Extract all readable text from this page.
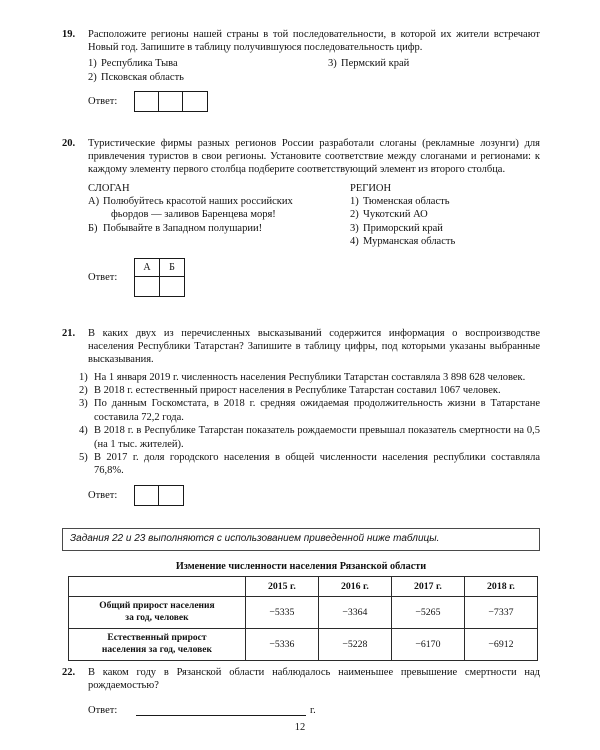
19.	Расположите регионы нашей страны в той последовательности, в которой их жители встречают Новый год. Запишите в таблицу получившуюся последовательность цифр.
1) Республика Тыва
2) Псковская область
3) Пермский край
Ответ:
20.	Туристические фирмы разных регионов России разработали слоганы (рекламные лозунги) для привлечения туристов в свои регионы. Установите соответствие между слоганами и регионами: к каждому элементу первого столбца подберите соответствующий элемент из второго столбца.
СЛОГАН
А) Полюбуйтесь красотой наших российских
фьордов — заливов Баренцева моря!
Б) Побывайте в Западном полушарии!
РЕГИОН
1) Тюменская область
2) Чукотский АО
3) Приморский край
4) Мурманская область
Ответ:
А	Б

21.	В каких двух из перечисленных высказываний содержится информация о воспроизводстве населения Республики Татарстан? Запишите в таблицу цифры, под которыми указаны выбранные высказывания.
1) На 1 января 2019 г. численность населения Республики Татарстан составляла 3 898 628 человек.
2) В 2018 г. естественный прирост населения в Республике Татарстан составил 1067 человек.
3) По данным Госкомстата, в 2018 г. средняя ожидаемая продолжительность жизни в Татарстане составила 72,2 года.
4) В 2018 г. в Республике Татарстан показатель рождаемости превышал показатель смертности на 0,5 (на 1 тыс. жителей).
5) В 2017 г. доля городского населения в общей численности населения республики составляла 76,8%.
Ответ:
Задания 22 и 23 выполняются с использованием приведенной ниже таблицы.
Изменение численности населения Рязанской области
	2015 г.	2016 г.	2017 г.	2018 г.
Общий прирост населения
за год, человек	−5335	−3364	−5265	−7337
Естественный прирост
населения за год, человек	−5336	−5228	−6170	−6912
22.	В каком году в Рязанской области наблюдалось наименьшее превышение смертности над рождаемостью?
Ответ:	г.
12
